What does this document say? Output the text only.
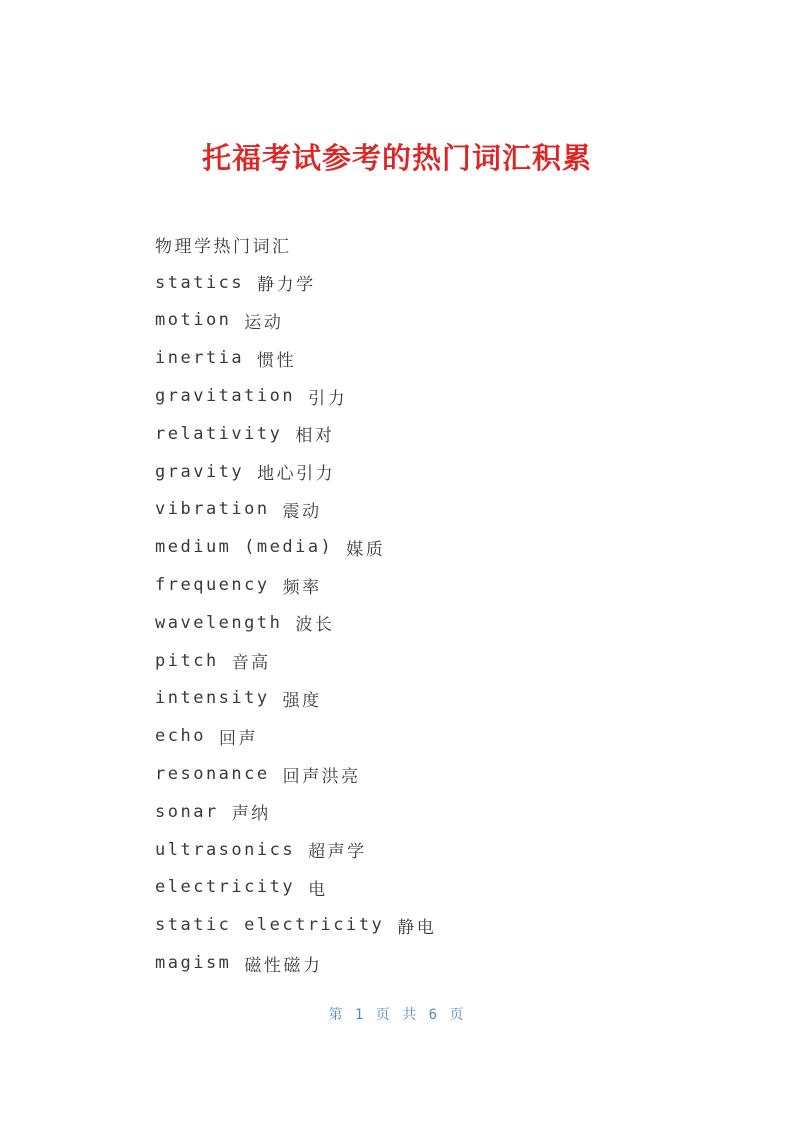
托福考试参考的热门词汇积累
物理学热门词汇
statics 静力学
motion 运动
inertia 惯性
gravitation 引力
relativity 相对
gravity 地心引力
vibration 震动
medium (media) 媒质
frequency 频率
wavelength 波长
pitch 音高
intensity 强度
echo 回声
resonance 回声洪亮
sonar 声纳
ultrasonics 超声学
electricity 电
static electricity 静电
magism 磁性磁力
第 1 页 共 6 页
